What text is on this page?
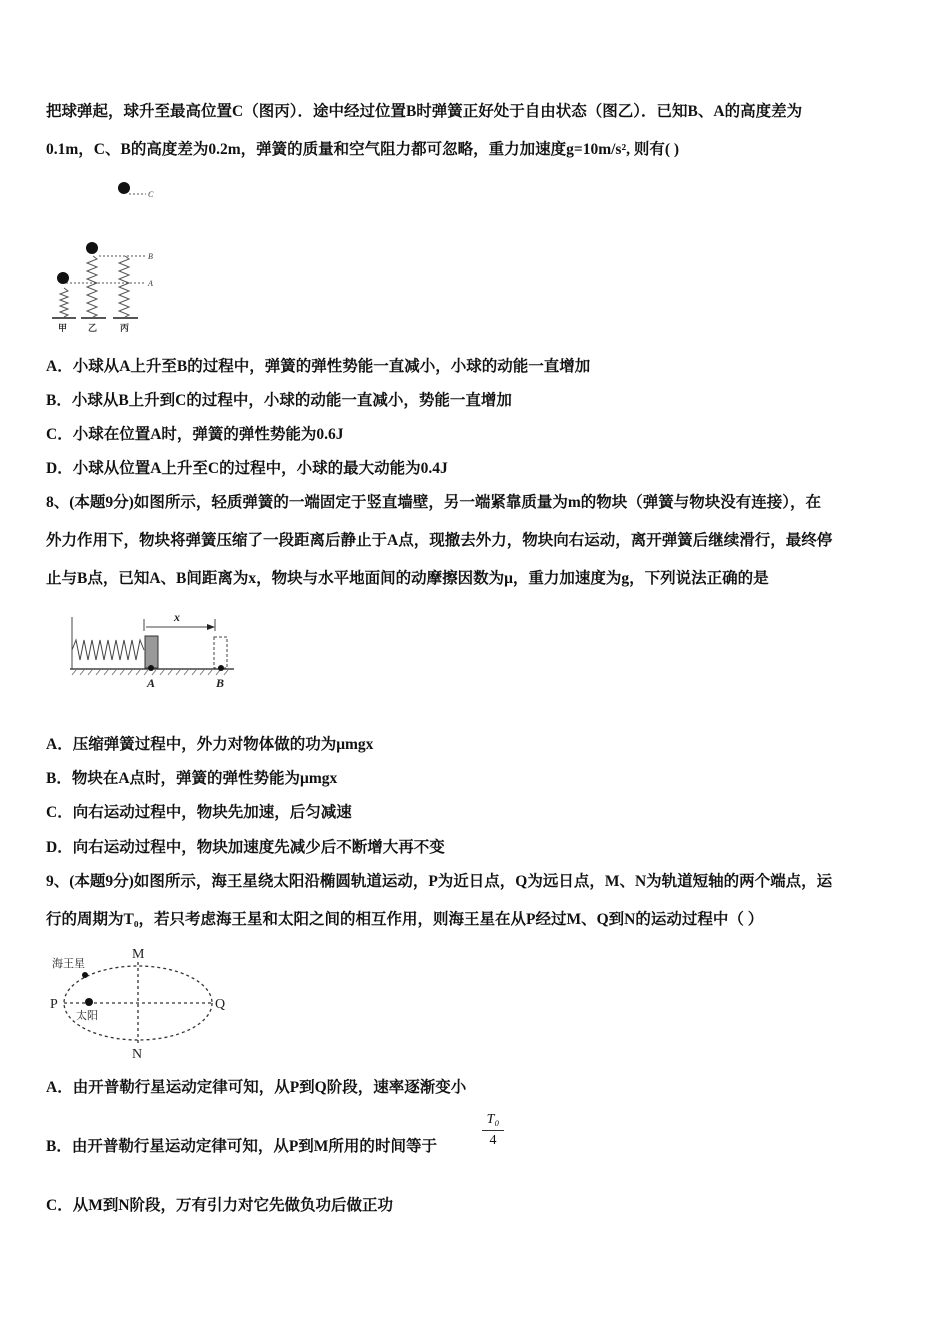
把球弹起，球升至最高位置C（图丙）．途中经过位置B时弹簧正好处于自由状态（图乙）．已知B、A的高度差为
0.1m，C、B的高度差为0.2m，弹簧的质量和空气阻力都可忽略，重力加速度g=10m/s², 则有( )
C
B
A
甲 乙	丙
A．小球从A上升至B的过程中，弹簧的弹性势能一直减小，小球的动能一直增加
B．小球从B上升到C的过程中，小球的动能一直减小，势能一直增加
C．小球在位置A时，弹簧的弹性势能为0.6J
D．小球从位置A上升至C的过程中，小球的最大动能为0.4J
8、(本题9分)如图所示，轻质弹簧的一端固定于竖直墙壁，另一端紧靠质量为m的物块（弹簧与物块没有连接），在
外力作用下，物块将弹簧压缩了一段距离后静止于A点，现撤去外力，物块向右运动，离开弹簧后继续滑行，最终停
止与B点，已知A、B间距离为x，物块与水平地面间的动摩擦因数为μ，重力加速度为g，下列说法正确的是
x
A	B
A．压缩弹簧过程中，外力对物体做的功为μmgx
B．物块在A点时，弹簧的弹性势能为μmgx
C．向右运动过程中，物块先加速，后匀减速
D．向右运动过程中，物块加速度先减少后不断增大再不变
9、(本题9分)如图所示，海王星绕太阳沿椭圆轨道运动，P为近日点，Q为远日点，M、N为轨道短轴的两个端点，运
行的周期为T₀，若只考虑海王星和太阳之间的相互作用，则海王星在从P经过M、Q到N的运动过程中（ ）
M
N
P	Q
海王星
太阳
A．由开普勒行星运动定律可知，从P到Q阶段，速率逐渐变小
B．由开普勒行星运动定律可知，从P到M所用的时间等于	$\frac{\text{T₀}}{4}$
C．从M到N阶段，万有引力对它先做负功后做正功
